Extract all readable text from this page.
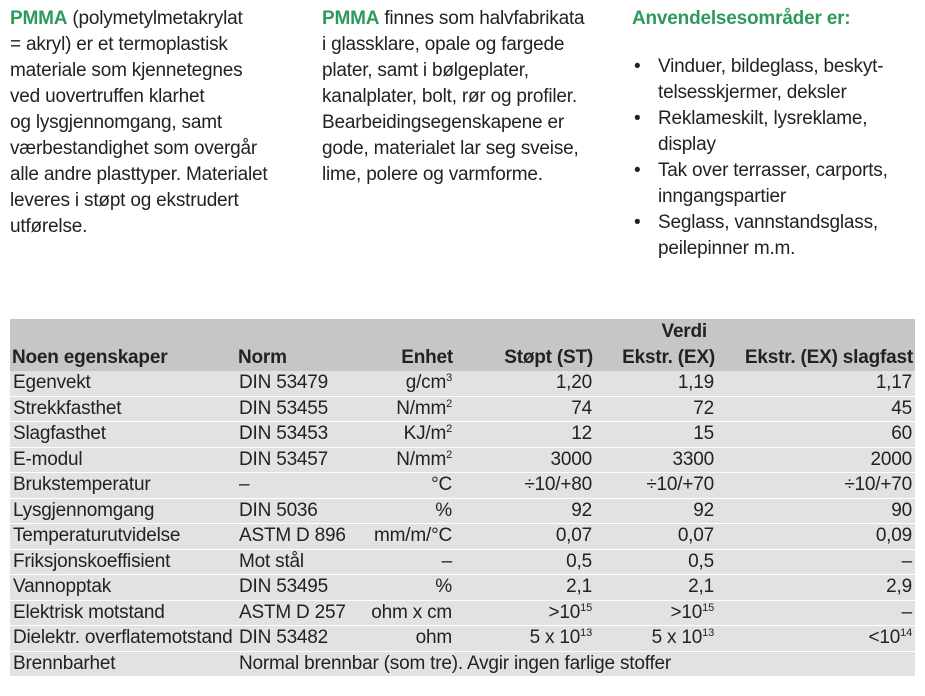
PMMA (polymetylmetakrylat
= akryl) er et termoplastisk
materiale som kjennetegnes
ved uovertruffen klarhet
og lysgjennomgang, samt
værbestandighet som overgår
alle andre plasttyper. Materialet
leveres i støpt og ekstrudert
utførelse.
PMMA finnes som halvfabrikata
i glassklare, opale og fargede
plater, samt i bølgeplater,
kanalplater, bolt, rør og profiler.
Bearbeidingsegenskapene er
gode, materialet lar seg sveise,
lime, polere og varmforme.
Anvendelsesområder er:
• Vinduer, bildeglass, beskyt-
telsesskjermer, deksler
• Reklameskilt, lysreklame,
display
• Tak over terrasser, carports,
inngangspartier
• Seglass, vannstandsglass,
peilepinner m.m.
Verdi					
Noen egenskaper	Norm	Enhet	Støpt (ST)	Ekstr. (EX)	Ekstr. (EX) slagfast
Egenvekt	DIN 53479	$g/cm^3$	1,20	1,19	1,17
Strekkfasthet	DIN 53455	$N/mm^2$	74	72	45
Slagfasthet	DIN 53453	$KJ/m^2$	12	15	60
E-modul	DIN 53457	$N/mm^2$	3000	3300	2000
Brukstemperatur	–	°C	÷10/+80	÷10/+70	÷10/+70
Lysgjennomgang	DIN 5036	%	92	92	90
Temperaturutvidelse	ASTM D 896	mm/m/°C	0,07	0,07	0,09
Friksjonskoeffisient	Mot stål	–	0,5	0,5	–
Vannopptak	DIN 53495	%	2,1	2,1	2,9
Elektrisk motstand	ASTM D 257	ohm x cm	$>10^{15}$	$>10^{15}$	–
Dielektr. overflatemotstand	DIN 53482	ohm	5 x $10^{13}$	5 x $10^{13}$	$<10^{14}$
Brennbarhet	Normal brennbar (som tre). Avgir ingen farlige stoffer				
